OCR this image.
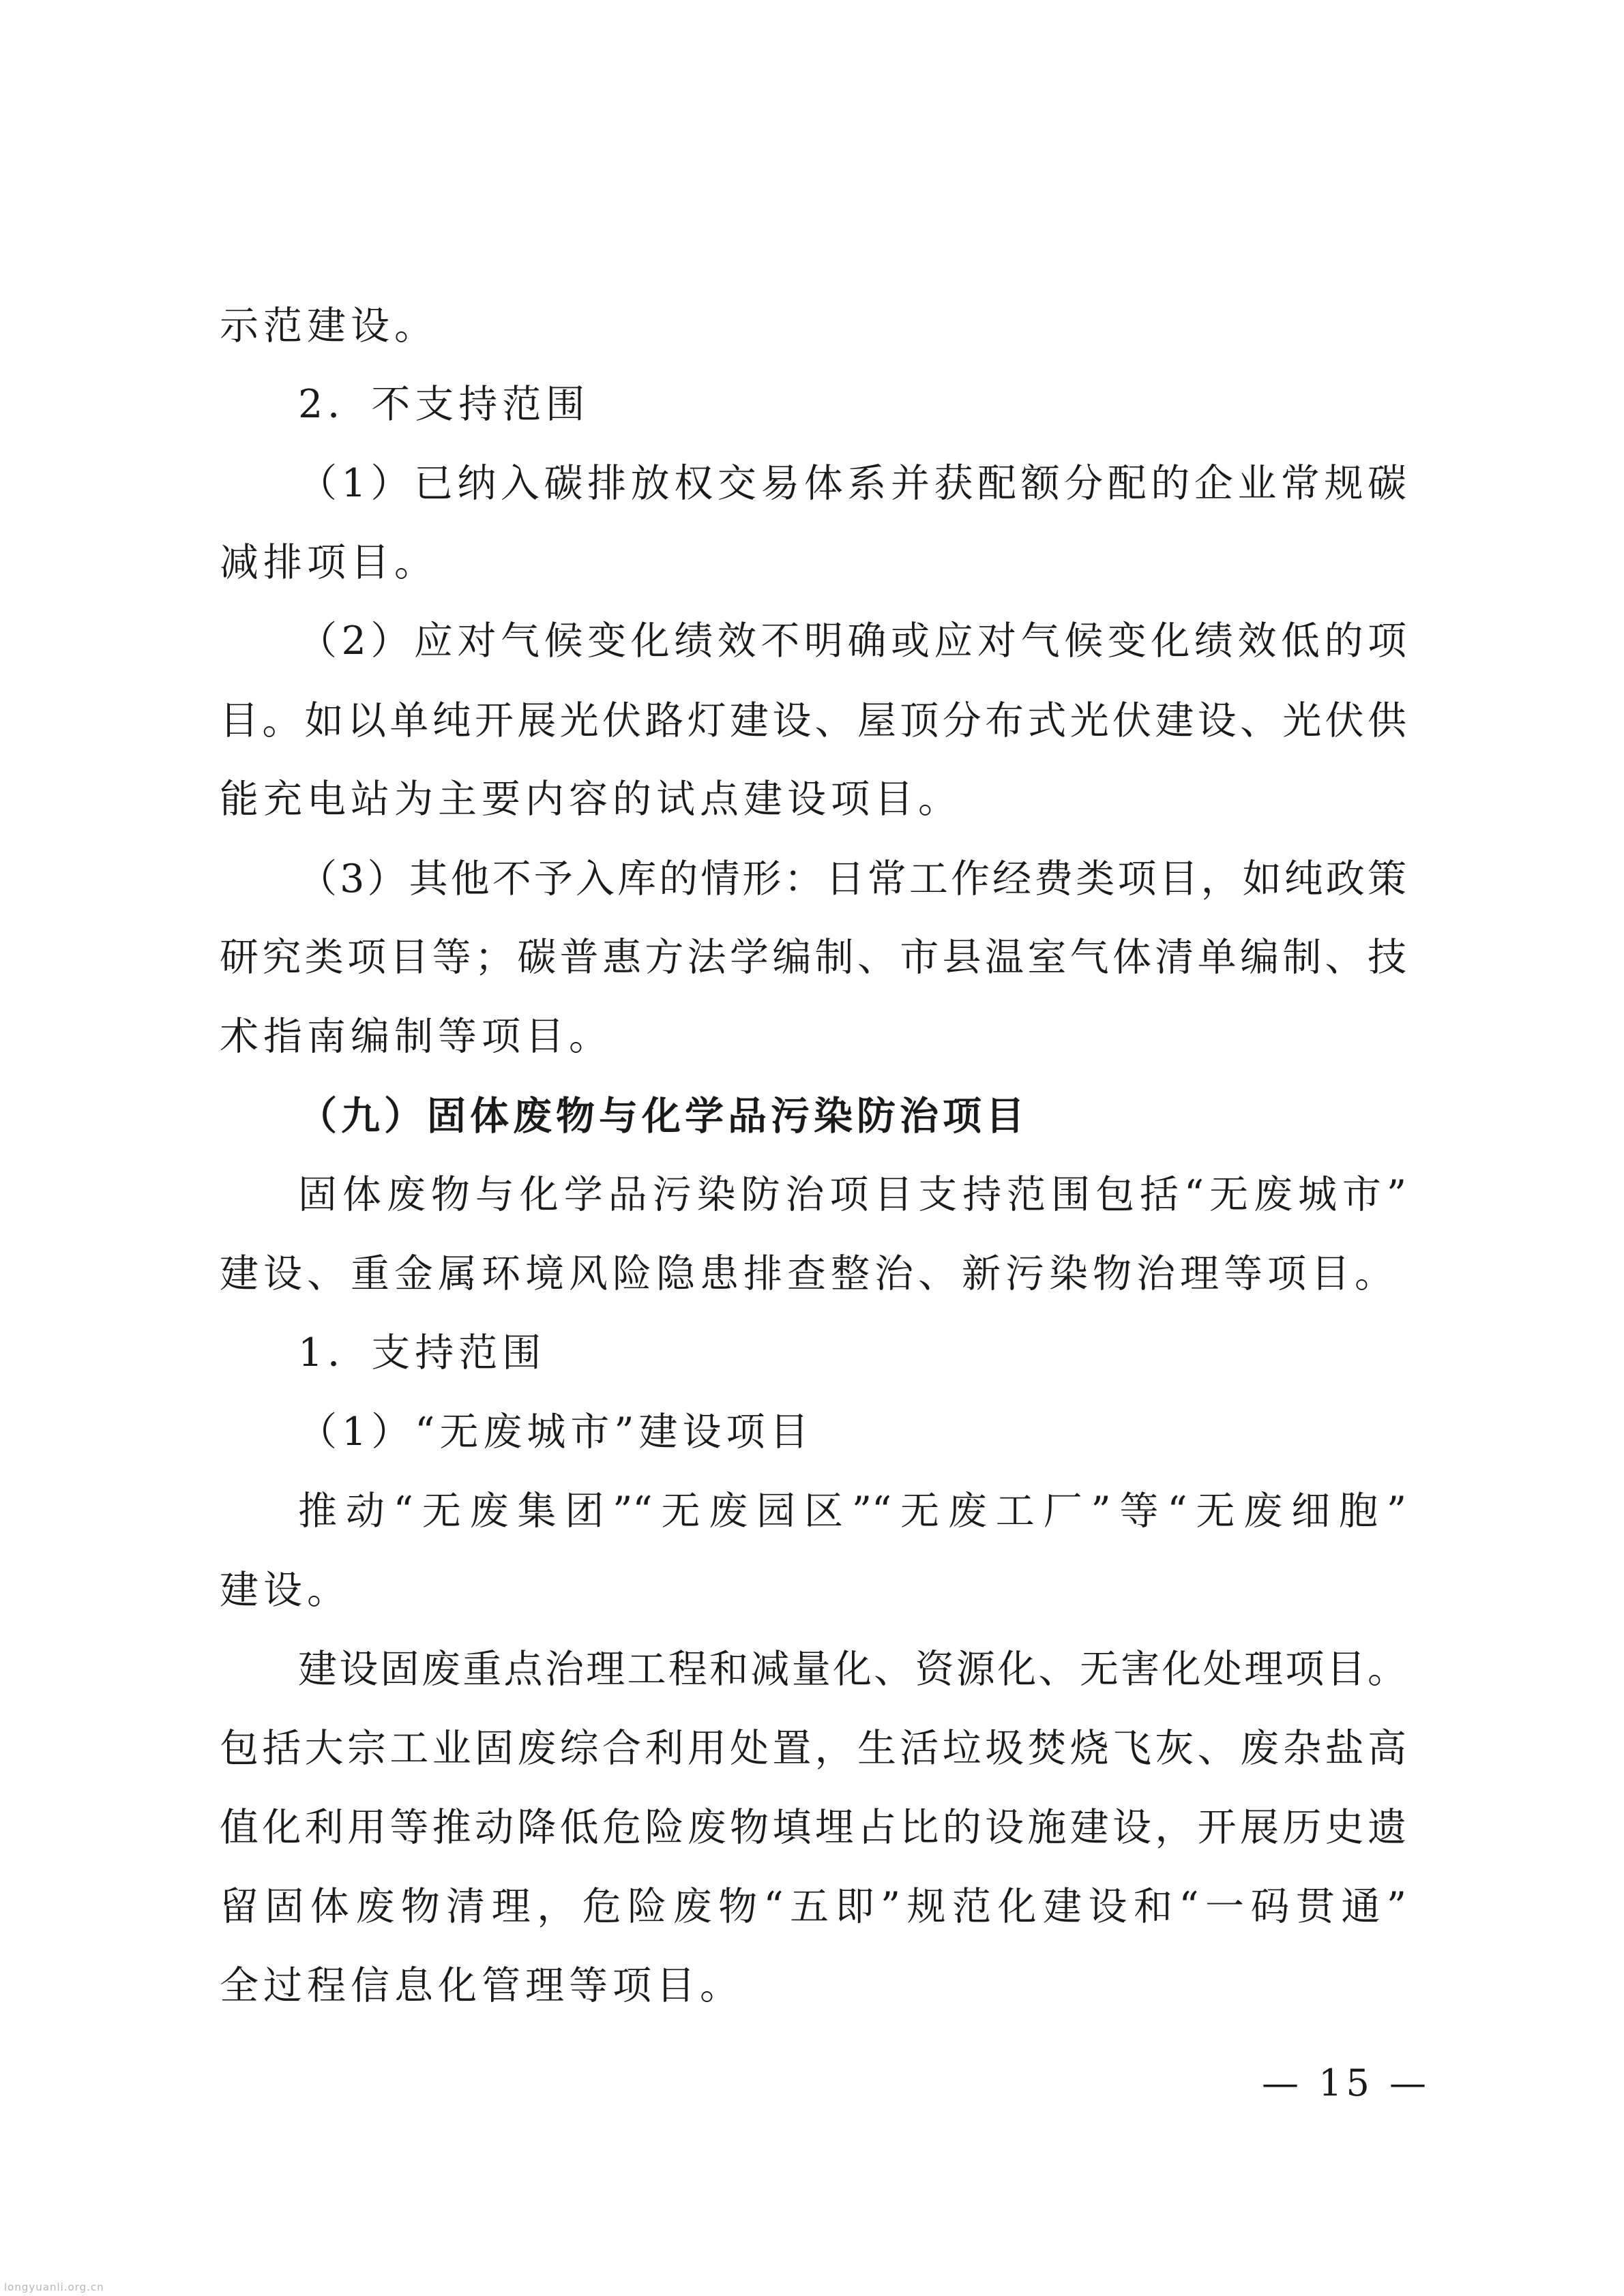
示范建设。
2．不支持范围
（1）已纳入碳排放权交易体系并获配额分配的企业常规碳
减排项目。
（2）应对气候变化绩效不明确或应对气候变化绩效低的项
目。如以单纯开展光伏路灯建设、屋顶分布式光伏建设、光伏供
能充电站为主要内容的试点建设项目。
（3）其他不予入库的情形：日常工作经费类项目，如纯政策
研究类项目等；碳普惠方法学编制、市县温室气体清单编制、技
术指南编制等项目。
（九）固体废物与化学品污染防治项目
固体废物与化学品污染防治项目支持范围包括“无废城市”
建设、重金属环境风险隐患排查整治、新污染物治理等项目。
1．支持范围
（1）“无废城市”建设项目
推动“无废集团”“无废园区”“无废工厂”等“无废细胞”
建设。
建设固废重点治理工程和减量化、资源化、无害化处理项目。
包括大宗工业固废综合利用处置，生活垃圾焚烧飞灰、废杂盐高
值化利用等推动降低危险废物填埋占比的设施建设，开展历史遗
留固体废物清理，危险废物“五即”规范化建设和“一码贯通”
全过程信息化管理等项目。
— 15 —
longyuanli.org.cn
